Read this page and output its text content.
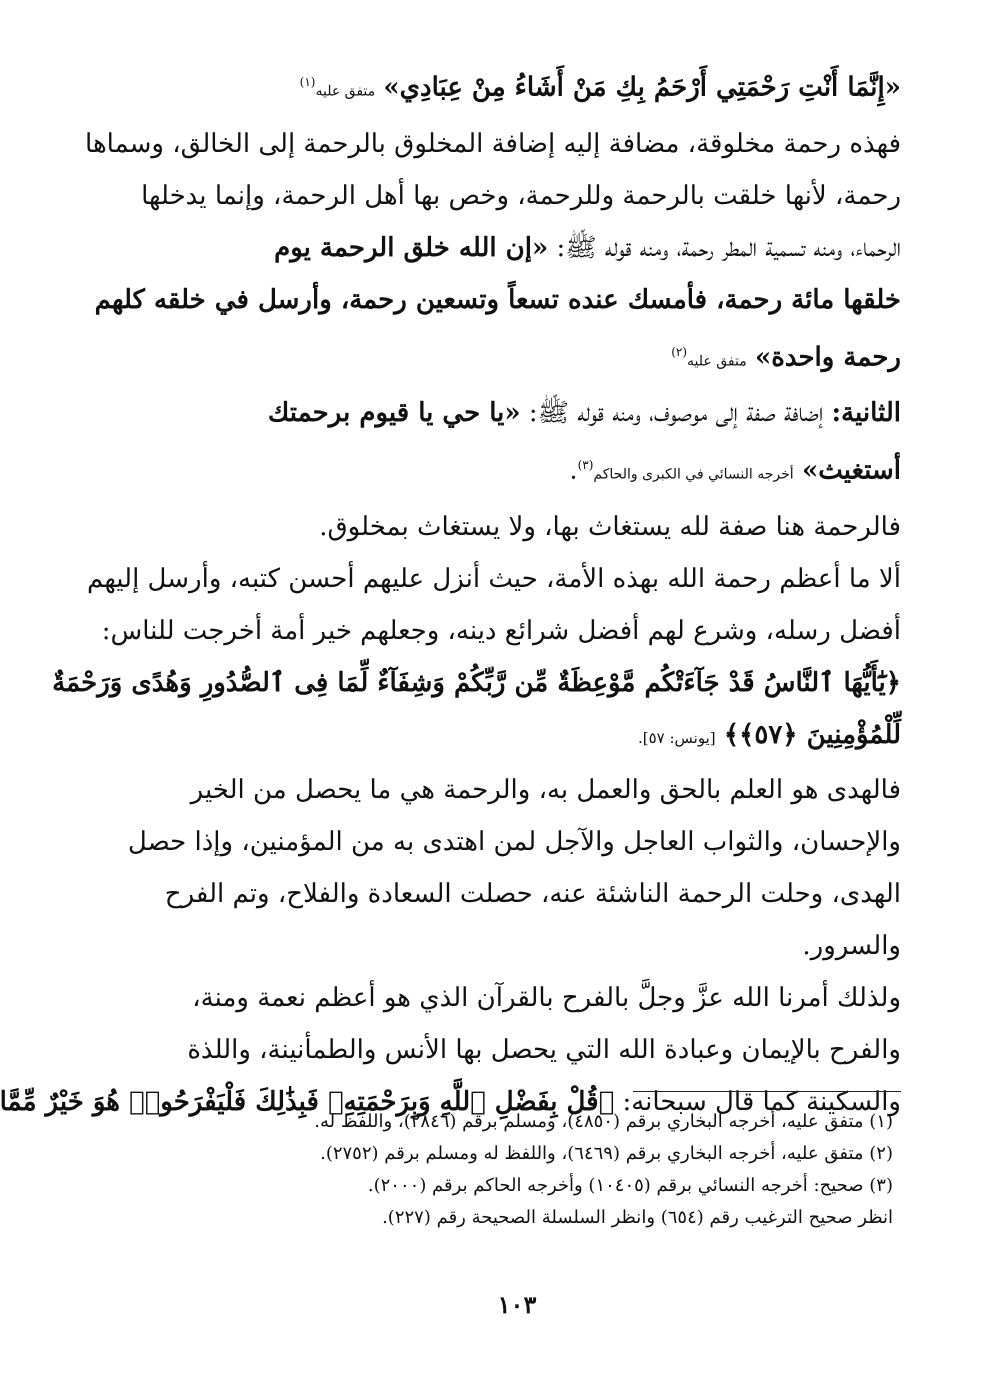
«إِنَّمَا أَنْتِ رَحْمَتِي أَرْحَمُ بِكِ مَنْ أَشَاءُ مِنْ عِبَادِي» متفق عليه$^{(١)}$
فهذه رحمة مخلوقة، مضافة إليه إضافة المخلوق بالرحمة إلى الخالق، وسماها
رحمة، لأنها خلقت بالرحمة وللرحمة، وخص بها أهل الرحمة، وإنما يدخلها
الرحماء، ومنه تسمية المطر رحمة، ومنه قوله ﷺ: «إن الله خلق الرحمة يوم
خلقها مائة رحمة، فأمسك عنده تسعاً وتسعين رحمة، وأرسل في خلقه كلهم
رحمة واحدة» متفق عليه$^{(٢)}$
الثانية: إضافة صفة إلى موصوف، ومنه قوله ﷺ: «يا حي يا قيوم برحمتك
أستغيث» أخرجه النسائي في الكبرى والحاكم$^{(٣)}$.
فالرحمة هنا صفة لله يستغاث بها، ولا يستغاث بمخلوق.
ألا ما أعظم رحمة الله بهذه الأمة، حيث أنزل عليهم أحسن كتبه، وأرسل إليهم
أفضل رسله، وشرع لهم أفضل شرائع دينه، وجعلهم خير أمة أخرجت للناس:
﴿يَٰٓأَيُّهَا ٱلنَّاسُ قَدْ جَآءَتْكُم مَّوْعِظَةٌ مِّن رَّبِّكُمْ وَشِفَآءٌ لِّمَا فِى ٱلصُّدُورِ وَهُدًى وَرَحْمَةٌ
لِّلْمُؤْمِنِينَ ﴿٥٧﴾﴾ [يونس: ٥٧].
فالهدى هو العلم بالحق والعمل به، والرحمة هي ما يحصل من الخير
والإحسان، والثواب العاجل والآجل لمن اهتدى به من المؤمنين، وإذا حصل
الهدى، وحلت الرحمة الناشئة عنه، حصلت السعادة والفلاح، وتم الفرح
والسرور.
ولذلك أمرنا الله عزَّ وجلَّ بالفرح بالقرآن الذي هو أعظم نعمة ومنة،
والفرح بالإيمان وعبادة الله التي يحصل بها الأنس والطمأنينة، واللذة
والسكينة كما قال سبحانه: ﴿قُلْ بِفَضْلِ ٱللَّهِ وَبِرَحْمَتِهِۦ فَبِذَٰلِكَ فَلْيَفْرَحُوا۟ هُوَ خَيْرٌ مِّمَّا
(١) متفق عليه، أخرجه البخاري برقم (٤٨٥٠)، ومسلم برقم (٢٨٤٦)، واللفظ له.
(٢) متفق عليه، أخرجه البخاري برقم (٦٤٦٩)، واللفظ له ومسلم برقم (٢٧٥٢).
(٣) صحيح: أخرجه النسائي برقم (١٠٤٠٥) وأخرجه الحاكم برقم (٢٠٠٠).
انظر صحيح الترغيب رقم (٦٥٤) وانظر السلسلة الصحيحة رقم (٢٢٧).
١٠٣
